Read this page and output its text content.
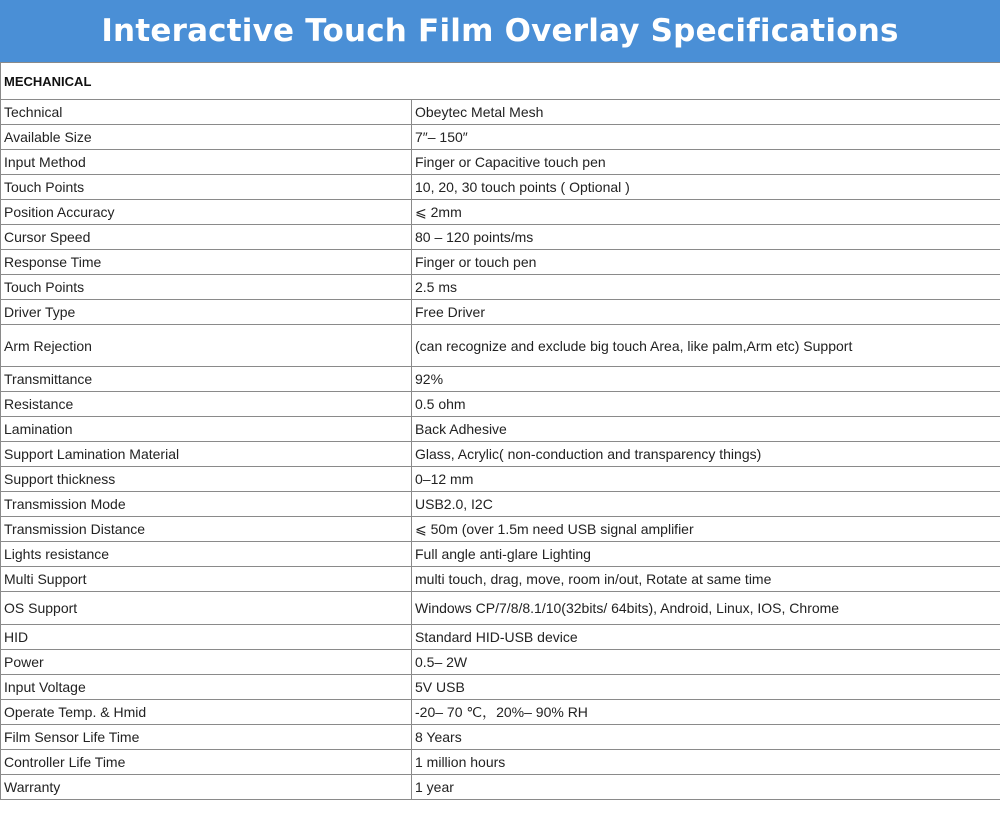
Interactive Touch Film Overlay Specifications
MECHANICAL	
Technical	Obeytec Metal Mesh
Available Size	7″– 150″
Input Method	Finger or Capacitive touch pen
Touch Points	10, 20, 30 touch points ( Optional )
Position Accuracy	⩽ 2mm
Cursor Speed	80 – 120 points/ms
Response Time	Finger or touch pen
Touch Points	2.5 ms
Driver Type	Free Driver
Arm Rejection	(can recognize and exclude big touch Area, like palm,Arm etc) Support
Transmittance	92%
Resistance	0.5 ohm
Lamination	Back Adhesive
Support Lamination Material	Glass, Acrylic( non-conduction and transparency things)
Support thickness	0–12 mm
Transmission Mode	USB2.0, I2C
Transmission Distance	⩽ 50m (over 1.5m need USB signal amplifier
Lights resistance	Full angle anti-glare Lighting
Multi Support	multi touch, drag, move, room in/out, Rotate at same time
OS Support	Windows CP/7/8/8.1/10(32bits/ 64bits), Android, Linux, IOS, Chrome
HID	Standard HID-USB device
Power	0.5– 2W
Input Voltage	5V USB
Operate Temp. & Hmid	-20– 70 ℃，20%– 90% RH
Film Sensor Life Time	8 Years
Controller Life Time	1 million hours
Warranty	1 year
